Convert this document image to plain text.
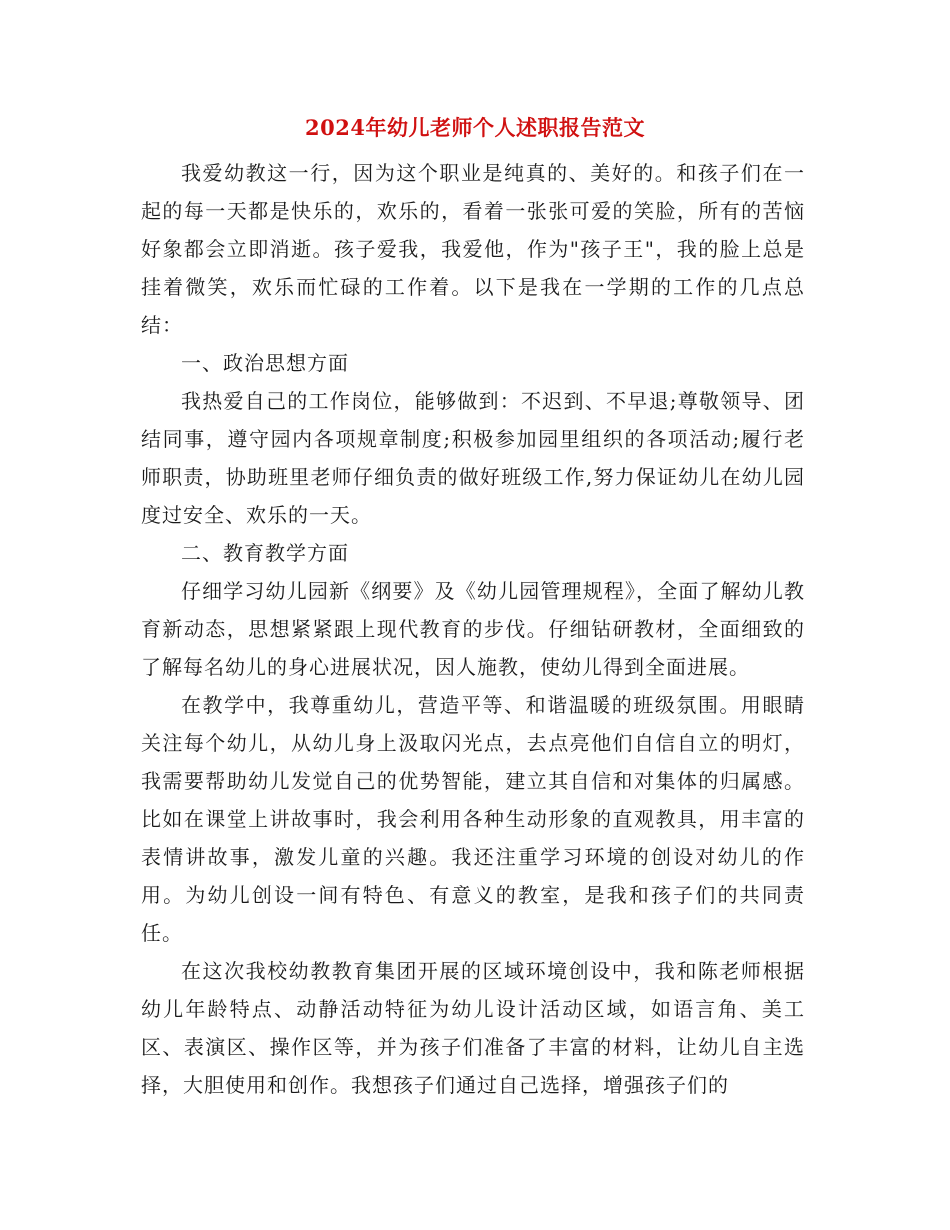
2024年幼儿老师个人述职报告范文

我爱幼教这一行，因为这个职业是纯真的、美好的。和孩子们在一起的每一天都是快乐的，欢乐的，看着一张张可爱的笑脸，所有的苦恼好象都会立即消逝。孩子爱我，我爱他，作为"孩子王"，我的脸上总是挂着微笑，欢乐而忙碌的工作着。以下是我在一学期的工作的几点总结：

一、政治思想方面

我热爱自己的工作岗位，能够做到：不迟到、不早退;尊敬领导、团结同事，遵守园内各项规章制度;积极参加园里组织的各项活动;履行老师职责，协助班里老师仔细负责的做好班级工作,努力保证幼儿在幼儿园度过安全、欢乐的一天。

二、教育教学方面

仔细学习幼儿园新《纲要》及《幼儿园管理规程》，全面了解幼儿教育新动态，思想紧紧跟上现代教育的步伐。仔细钻研教材，全面细致的了解每名幼儿的身心进展状况，因人施教，使幼儿得到全面进展。

在教学中，我尊重幼儿，营造平等、和谐温暖的班级氛围。用眼睛关注每个幼儿，从幼儿身上汲取闪光点，去点亮他们自信自立的明灯，我需要帮助幼儿发觉自己的优势智能，建立其自信和对集体的归属感。比如在课堂上讲故事时，我会利用各种生动形象的直观教具，用丰富的表情讲故事，激发儿童的兴趣。我还注重学习环境的创设对幼儿的作用。为幼儿创设一间有特色、有意义的教室，是我和孩子们的共同责任。

在这次我校幼教教育集团开展的区域环境创设中，我和陈老师根据幼儿年龄特点、动静活动特征为幼儿设计活动区域，如语言角、美工区、表演区、操作区等，并为孩子们准备了丰富的材料，让幼儿自主选择，大胆使用和创作。我想孩子们通过自己选择，增强孩子们的
